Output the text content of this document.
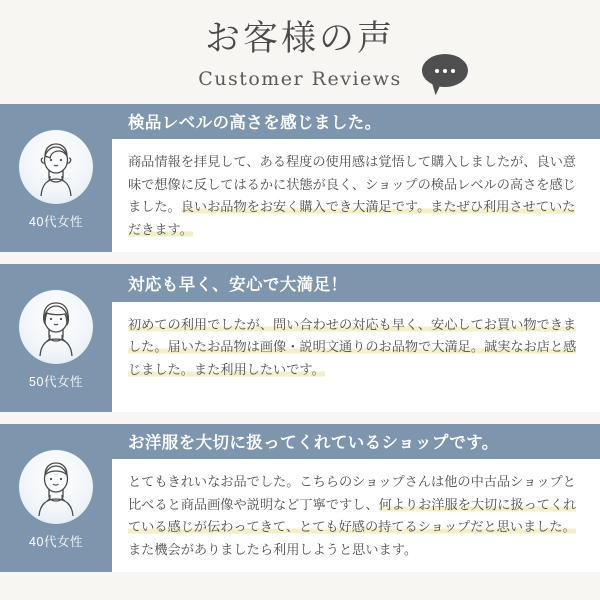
お客様の声
Customer Reviews
40代女性
検品レベルの高さを感じました。
商品情報を拝見して、ある程度の使用感は覚悟して購入しましたが、良い意味で想像に反してはるかに状態が良く、ショップの検品レベルの高さを感じました。良いお品物をお安く購入でき大満足です。またぜひ利用させていただきます。
50代女性
対応も早く、安心で大満足！
初めての利用でしたが、問い合わせの対応も早く、安心してお買い物できました。届いたお品物は画像・説明文通りのお品物で大満足。誠実なお店と感じました。また利用したいです。
40代女性
お洋服を大切に扱ってくれているショップです。
とてもきれいなお品でした。こちらのショップさんは他の中古品ショップと比べると商品画像や説明など丁寧ですし、何よりお洋服を大切に扱ってくれている感じが伝わってきて、とても好感の持てるショップだと思いました。また機会がありましたら利用しようと思います。
